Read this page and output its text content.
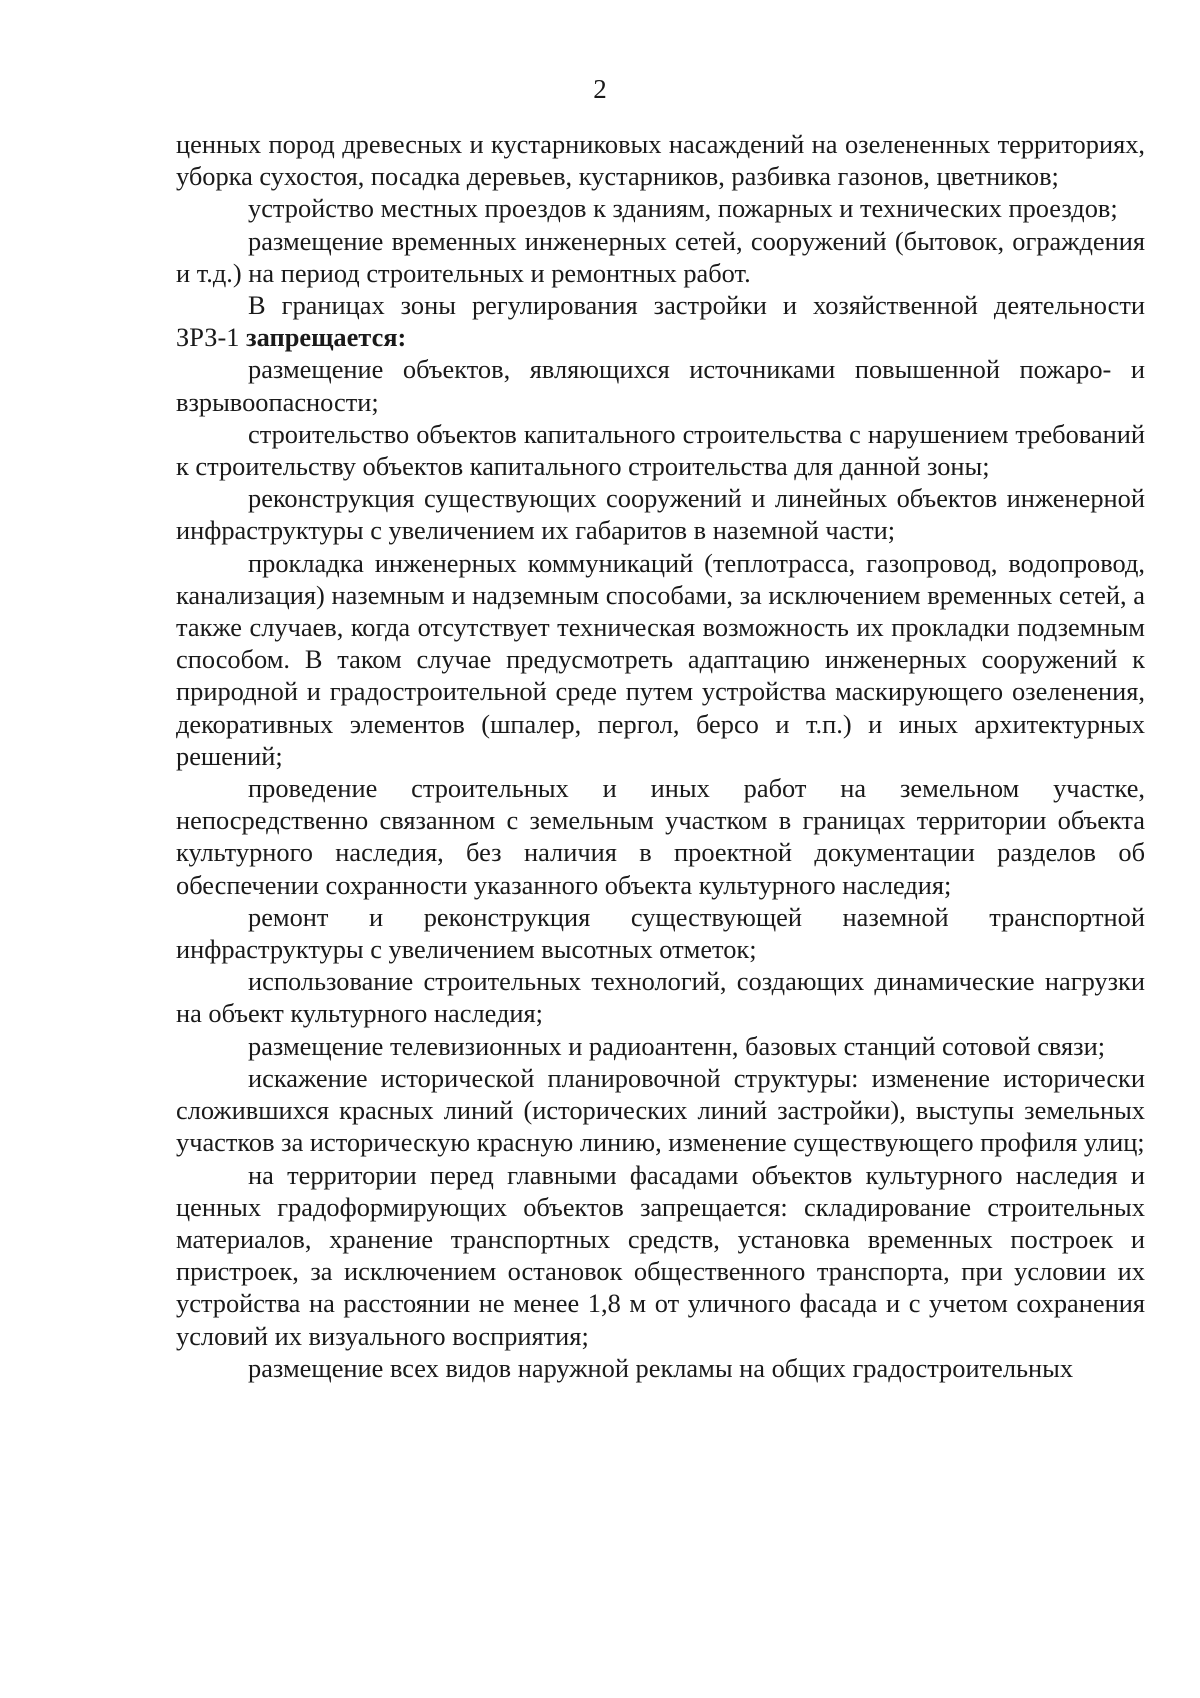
2

ценных пород древесных и кустарниковых насаждений на озелененных территориях, уборка сухостоя, посадка деревьев, кустарников, разбивка газонов, цветников;

устройство местных проездов к зданиям, пожарных и технических проездов;

размещение временных инженерных сетей, сооружений (бытовок, ограждения и т.д.) на период строительных и ремонтных работ.

В границах зоны регулирования застройки и хозяйственной деятельности ЗРЗ-1 запрещается:

размещение объектов, являющихся источниками повышенной пожаро- и взрывоопасности;

строительство объектов капитального строительства с нарушением требований к строительству объектов капитального строительства для данной зоны;

реконструкция существующих сооружений и линейных объектов инженерной инфраструктуры с увеличением их габаритов в наземной части;

прокладка инженерных коммуникаций (теплотрасса, газопровод, водопровод, канализация) наземным и надземным способами, за исключением временных сетей, а также случаев, когда отсутствует техническая возможность их прокладки подземным способом. В таком случае предусмотреть адаптацию инженерных сооружений к природной и градостроительной среде путем устройства маскирующего озеленения, декоративных элементов (шпалер, пергол, берсо и т.п.) и иных архитектурных решений;

проведение строительных и иных работ на земельном участке, непосредственно связанном с земельным участком в границах территории объекта культурного наследия, без наличия в проектной документации разделов об обеспечении сохранности указанного объекта культурного наследия;

ремонт и реконструкция существующей наземной транспортной инфраструктуры с увеличением высотных отметок;

использование строительных технологий, создающих динамические нагрузки на объект культурного наследия;

размещение телевизионных и радиоантенн, базовых станций сотовой связи;

искажение исторической планировочной структуры: изменение исторически сложившихся красных линий (исторических линий застройки), выступы земельных участков за историческую красную линию, изменение существующего профиля улиц;

на территории перед главными фасадами объектов культурного наследия и ценных градоформирующих объектов запрещается: складирование строительных материалов, хранение транспортных средств, установка временных построек и пристроек, за исключением остановок общественного транспорта, при условии их устройства на расстоянии не менее 1,8 м от уличного фасада и с учетом сохранения условий их визуального восприятия;

размещение всех видов наружной рекламы на общих градостроительных
